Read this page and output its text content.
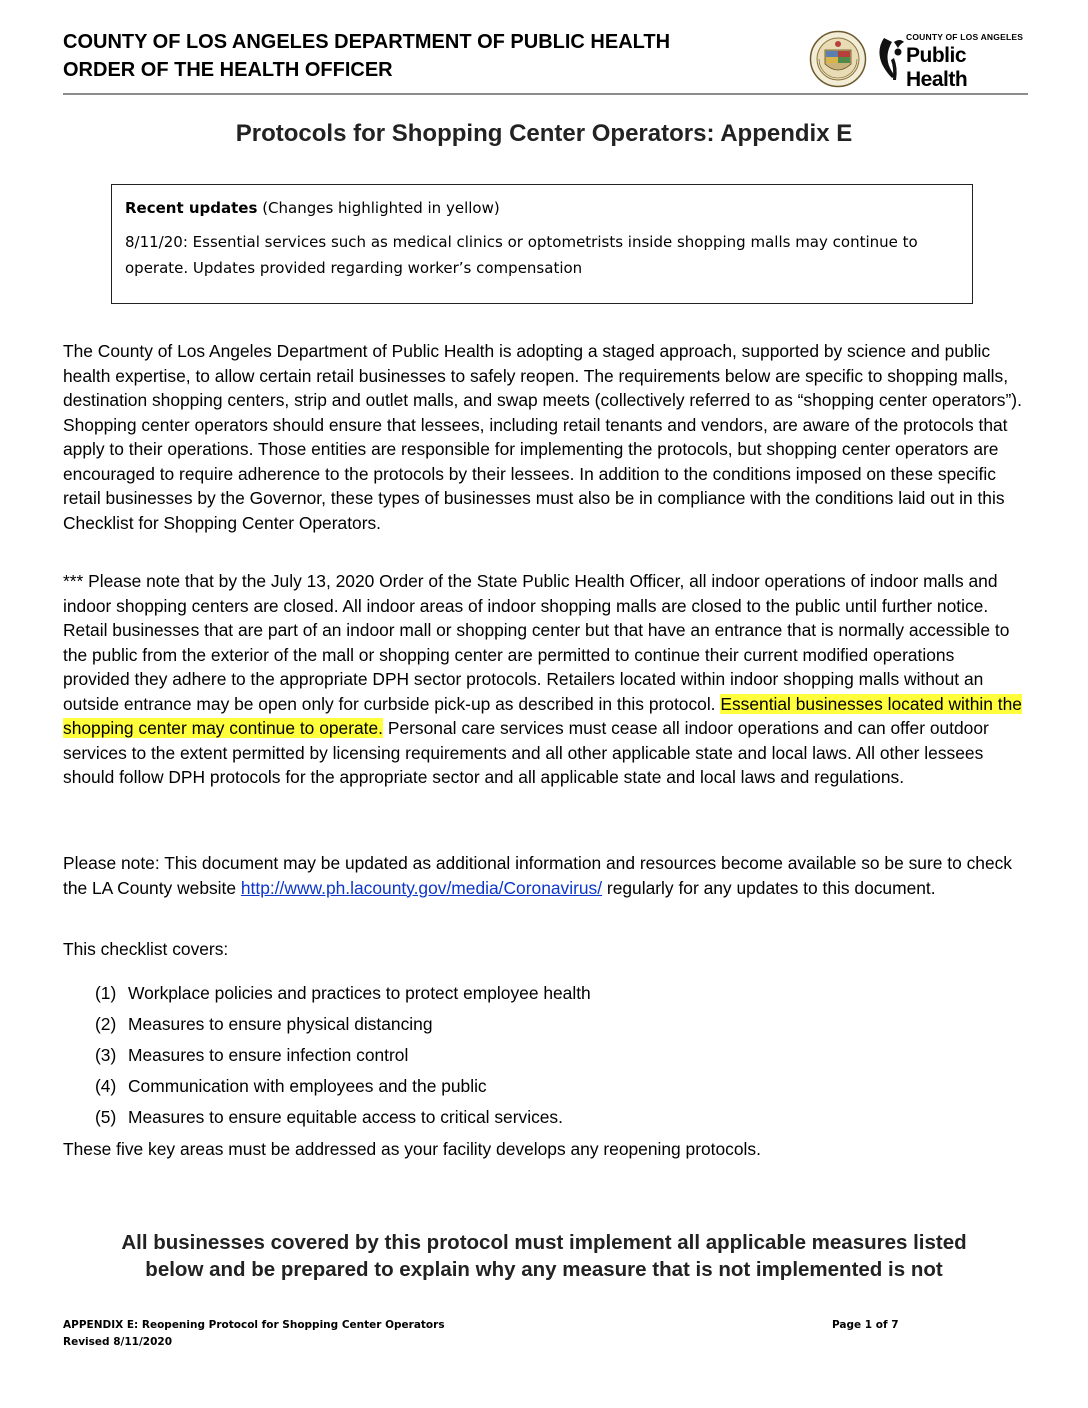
COUNTY OF LOS ANGELES DEPARTMENT OF PUBLIC HEALTH
ORDER OF THE HEALTH OFFICER
COUNTY OF LOS ANGELES
Public Health
Protocols for Shopping Center Operators: Appendix E

Recent updates (Changes highlighted in yellow)

8/11/20: Essential services such as medical clinics or optometrists inside shopping malls may continue to operate. Updates provided regarding worker’s compensation

The County of Los Angeles Department of Public Health is adopting a staged approach, supported by science and public health expertise, to allow certain retail businesses to safely reopen. The requirements below are specific to shopping malls, destination shopping centers, strip and outlet malls, and swap meets (collectively referred to as “shopping center operators”). Shopping center operators should ensure that lessees, including retail tenants and vendors, are aware of the protocols that apply to their operations. Those entities are responsible for implementing the protocols, but shopping center operators are encouraged to require adherence to the protocols by their lessees. In addition to the conditions imposed on these specific retail businesses by the Governor, these types of businesses must also be in compliance with the conditions laid out in this Checklist for Shopping Center Operators.

*** Please note that by the July 13, 2020 Order of the State Public Health Officer, all indoor operations of indoor malls and indoor shopping centers are closed. All indoor areas of indoor shopping malls are closed to the public until further notice. Retail businesses that are part of an indoor mall or shopping center but that have an entrance that is normally accessible to the public from the exterior of the mall or shopping center are permitted to continue their current modified operations provided they adhere to the appropriate DPH sector protocols. Retailers located within indoor shopping malls without an outside entrance may be open only for curbside pick-up as described in this protocol. Essential businesses located within the shopping center may continue to operate. Personal care services must cease all indoor operations and can offer outdoor services to the extent permitted by licensing requirements and all other applicable state and local laws. All other lessees should follow DPH protocols for the appropriate sector and all applicable state and local laws and regulations.

Please note: This document may be updated as additional information and resources become available so be sure to check the LA County website http://www.ph.lacounty.gov/media/Coronavirus/ regularly for any updates to this document.

This checklist covers:

(1) Workplace policies and practices to protect employee health
(2) Measures to ensure physical distancing
(3) Measures to ensure infection control
(4) Communication with employees and the public
(5) Measures to ensure equitable access to critical services.

These five key areas must be addressed as your facility develops any reopening protocols.

All businesses covered by this protocol must implement all applicable measures listed
below and be prepared to explain why any measure that is not implemented is not
APPENDIX E: Reopening Protocol for Shopping Center Operators
Revised 8/11/2020
Page 1 of 7
